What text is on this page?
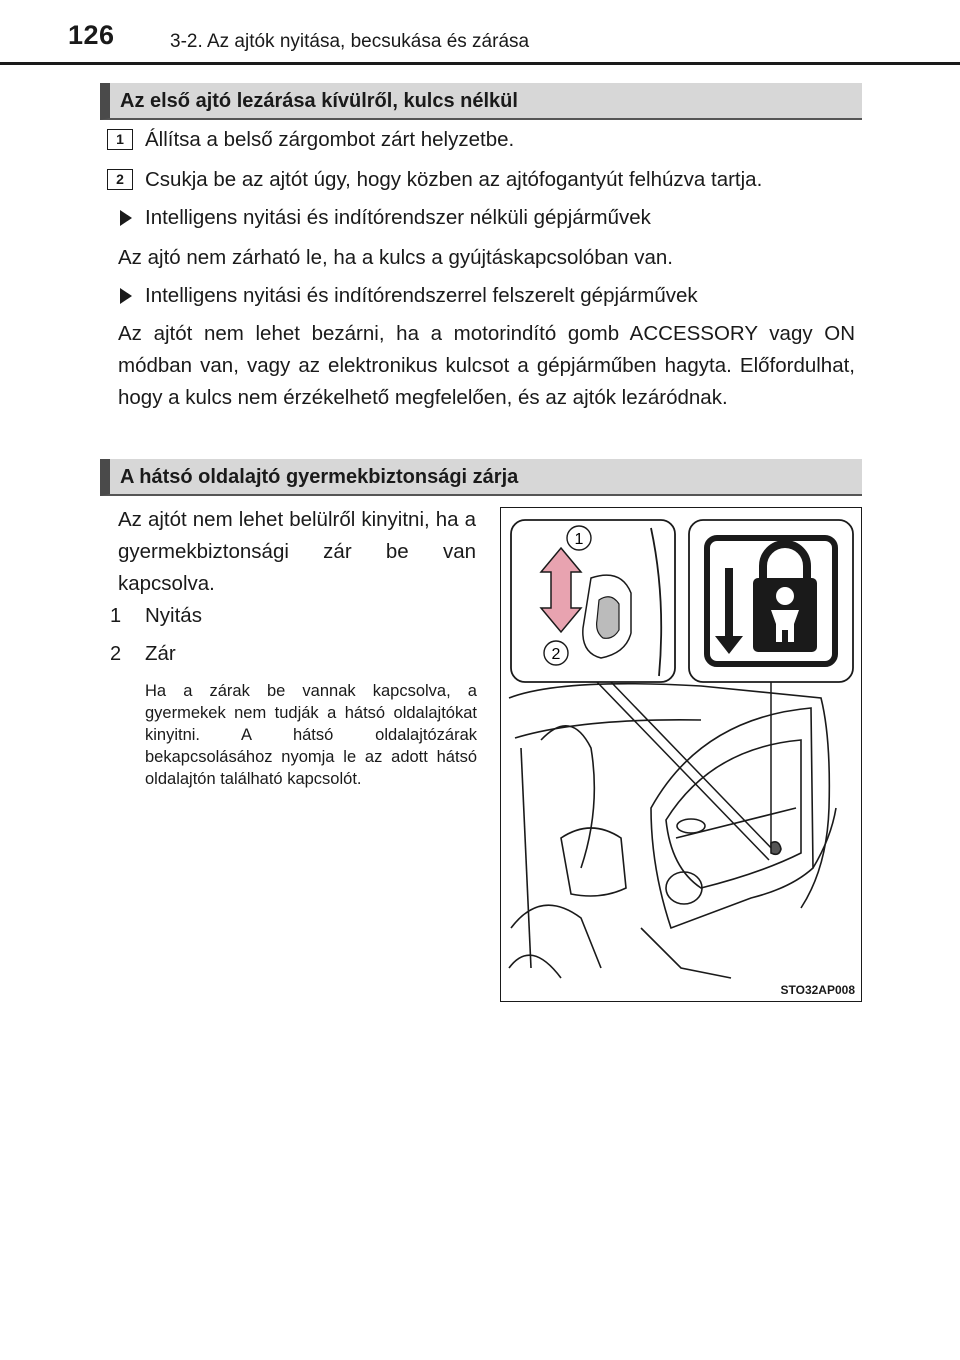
126	3-2. Az ajtók nyitása, becsukása és zárása
Az első ajtó lezárása kívülről, kulcs nélkül
1	Állítsa a belső zárgombot zárt helyzetbe.
2	Csukja be az ajtót úgy, hogy közben az ajtófogantyút felhúzva tartja.
Intelligens nyitási és indítórendszer nélküli gépjárművek
Az ajtó nem zárható le, ha a kulcs a gyújtáskapcsolóban van.
Intelligens nyitási és indítórendszerrel felszerelt gépjárművek
Az ajtót nem lehet bezárni, ha a motorindító gomb ACCESSORY vagy ON módban van, vagy az elektronikus kulcsot a gépjárműben hagyta. Előfordulhat, hogy a kulcs nem érzékelhető megfelelően, és az ajtók lezáródnak.
A hátsó oldalajtó gyermekbiztonsági zárja
Az ajtót nem lehet belülről kinyitni, ha a gyermekbiztonsági zár be van kapcsolva.
1	Nyitás
2	Zár
Ha a zárak be vannak kapcsolva, a gyermekek nem tudják a hátsó oldalajtókat kinyitni. A hátsó oldalajtózárak bekapcsolásához nyomja le az adott hátsó oldalajtón található kapcsolót.
1
2
STO32AP008
